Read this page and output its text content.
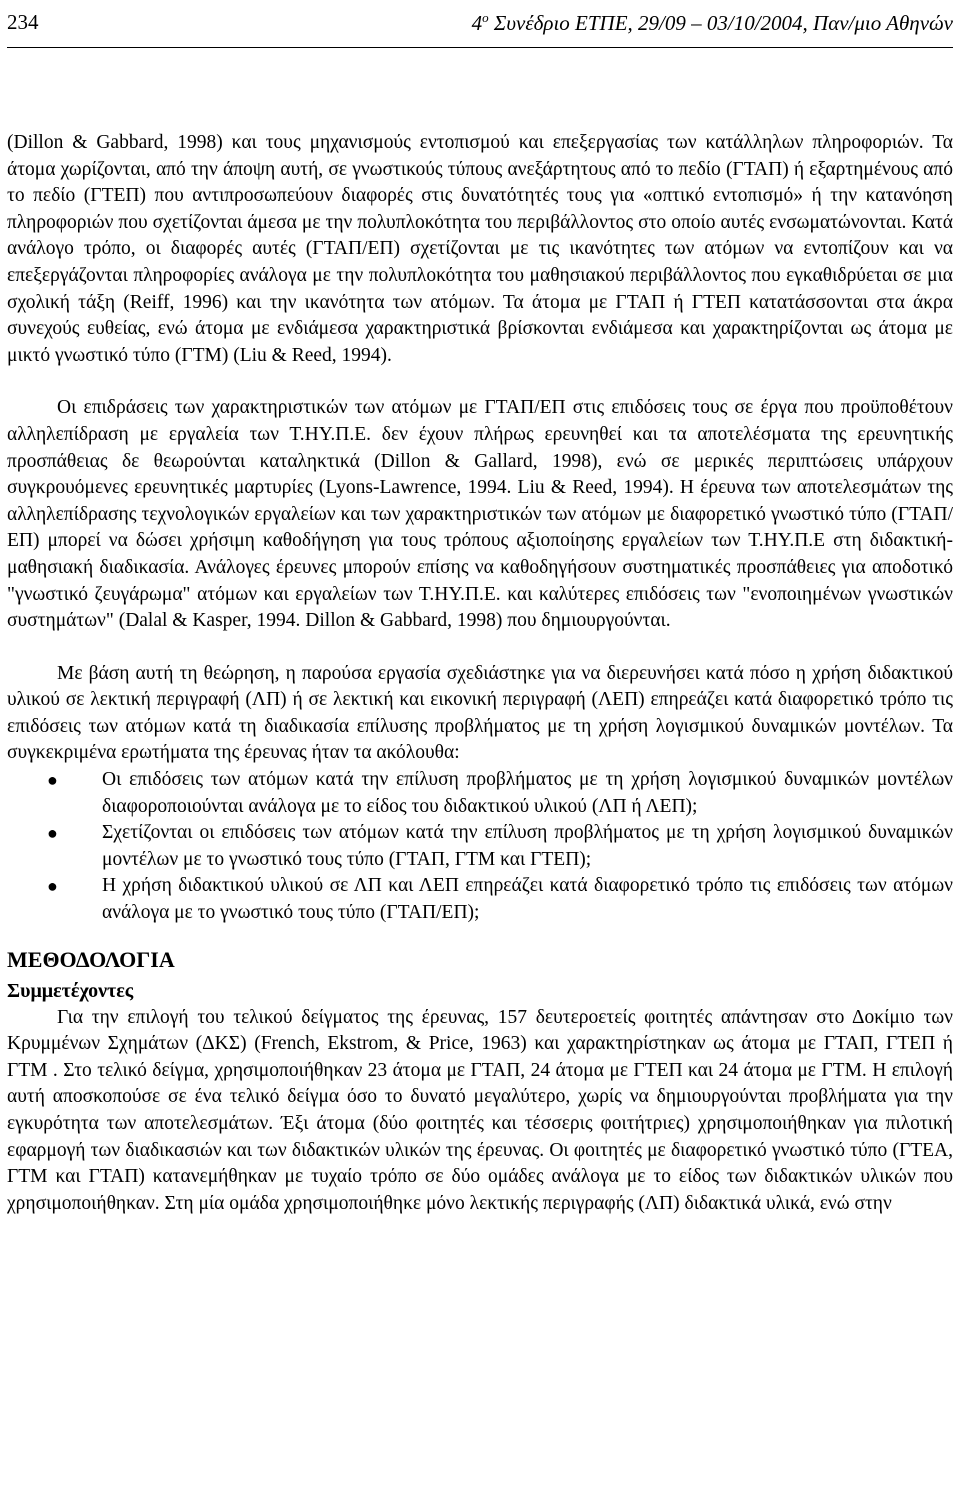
234	$4^o$ Συνέδριο ΕΤΠΕ, 29/09 – 03/10/2004, Παν/μιο Αθηνών

(Dillon & Gabbard, 1998) και τους μηχανισμούς εντοπισμού και επεξεργασίας των κατάλληλων πληροφοριών. Τα άτομα χωρίζονται, από την άποψη αυτή, σε γνωστικούς τύπους ανεξάρτητους από το πεδίο (ΓΤΑΠ) ή εξαρτημένους από το πεδίο (ΓΤΕΠ) που αντιπροσωπεύουν διαφορές στις δυνατότητές τους για «οπτικό εντοπισμό» ή την κατανόηση πληροφοριών που σχετίζονται άμεσα με την πολυπλοκότητα του περιβάλλοντος στο οποίο αυτές ενσωματώνονται. Κατά ανάλογο τρόπο, οι διαφορές αυτές (ΓΤΑΠ/ΕΠ) σχετίζονται με τις ικανότητες των ατόμων να εντοπίζουν και να επεξεργάζονται πληροφορίες ανάλογα με την πολυπλοκότητα του μαθησιακού περιβάλλοντος που εγκαθιδρύεται σε μια σχολική τάξη (Reiff, 1996) και την ικανότητα των ατόμων. Τα άτομα με ΓΤΑΠ ή ΓΤΕΠ κατατάσσονται στα άκρα συνεχούς ευθείας, ενώ άτομα με ενδιάμεσα χαρακτηριστικά βρίσκονται ενδιάμεσα και χαρακτηρίζονται ως άτομα με μικτό γνωστικό τύπο (ΓΤΜ) (Liu & Reed, 1994).

Οι επιδράσεις των χαρακτηριστικών των ατόμων με ΓΤΑΠ/ΕΠ στις επιδόσεις τους σε έργα που προϋποθέτουν αλληλεπίδραση με εργαλεία των Τ.ΗΥ.Π.Ε. δεν έχουν πλήρως ερευνηθεί και τα αποτελέσματα της ερευνητικής προσπάθειας δε θεωρούνται καταληκτικά (Dillon & Gallard, 1998), ενώ σε μερικές περιπτώσεις υπάρχουν συγκρουόμενες ερευνητικές μαρτυρίες (Lyons-Lawrence, 1994. Liu & Reed, 1994). Η έρευνα των αποτελεσμάτων της αλληλεπίδρασης τεχνολογικών εργαλείων και των χαρακτηριστικών των ατόμων με διαφορετικό γνωστικό τύπο (ΓΤΑΠ/ΕΠ) μπορεί να δώσει χρήσιμη καθοδήγηση για τους τρόπους αξιοποίησης εργαλείων των Τ.ΗΥ.Π.Ε στη διδακτική-μαθησιακή διαδικασία. Ανάλογες έρευνες μπορούν επίσης να καθοδηγήσουν συστηματικές προσπάθειες για αποδοτικό "γνωστικό ζευγάρωμα" ατόμων και εργαλείων των Τ.ΗΥ.Π.Ε. και καλύτερες επιδόσεις των "ενοποιημένων γνωστικών συστημάτων" (Dalal & Kasper, 1994. Dillon & Gabbard, 1998) που δημιουργούνται.

Με βάση αυτή τη θεώρηση, η παρούσα εργασία σχεδιάστηκε για να διερευνήσει κατά πόσο η χρήση διδακτικού υλικού σε λεκτική περιγραφή (ΛΠ) ή σε λεκτική και εικονική περιγραφή (ΛΕΠ) επηρεάζει κατά διαφορετικό τρόπο τις επιδόσεις των ατόμων κατά τη διαδικασία επίλυσης προβλήματος με τη χρήση λογισμικού δυναμικών μοντέλων. Τα συγκεκριμένα ερωτήματα της έρευνας ήταν τα ακόλουθα:

● Οι επιδόσεις των ατόμων κατά την επίλυση προβλήματος με τη χρήση λογισμικού δυναμικών μοντέλων διαφοροποιούνται ανάλογα με το είδος του διδακτικού υλικού (ΛΠ ή ΛΕΠ);
● Σχετίζονται οι επιδόσεις των ατόμων κατά την επίλυση προβλήματος με τη χρήση λογισμικού δυναμικών μοντέλων με το γνωστικό τους τύπο (ΓΤΑΠ, ΓΤΜ και ΓΤΕΠ);
● Η χρήση διδακτικού υλικού σε ΛΠ και ΛΕΠ επηρεάζει κατά διαφορετικό τρόπο τις επιδόσεις των ατόμων ανάλογα με το γνωστικό τους τύπο (ΓΤΑΠ/ΕΠ);
ΜΕΘΟΔΟΛΟΓΙΑ
Συμμετέχοντες

Για την επιλογή του τελικού δείγματος της έρευνας, 157 δευτεροετείς φοιτητές απάντησαν στο Δοκίμιο των Κρυμμένων Σχημάτων (ΔΚΣ) (French, Ekstrom, & Price, 1963) και χαρακτηρίστηκαν ως άτομα με ΓΤΑΠ, ΓΤΕΠ ή ΓΤΜ . Στο τελικό δείγμα, χρησιμοποιήθηκαν 23 άτομα με ΓΤΑΠ, 24 άτομα με ΓΤΕΠ και 24 άτομα με ΓΤΜ. Η επιλογή αυτή αποσκοπούσε σε ένα τελικό δείγμα όσο το δυνατό μεγαλύτερο, χωρίς να δημιουργούνται προβλήματα για την εγκυρότητα των αποτελεσμάτων. Έξι άτομα (δύο φοιτητές και τέσσερις φοιτήτριες) χρησιμοποιήθηκαν για πιλοτική εφαρμογή των διαδικασιών και των διδακτικών υλικών της έρευνας. Οι φοιτητές με διαφορετικό γνωστικό τύπο (ΓΤΕΑ, ΓΤΜ και ΓΤΑΠ) κατανεμήθηκαν με τυχαίο τρόπο σε δύο ομάδες ανάλογα με το είδος των διδακτικών υλικών που χρησιμοποιήθηκαν. Στη μία ομάδα χρησιμοποιήθηκε μόνο λεκτικής περιγραφής (ΛΠ) διδακτικά υλικά, ενώ στην
